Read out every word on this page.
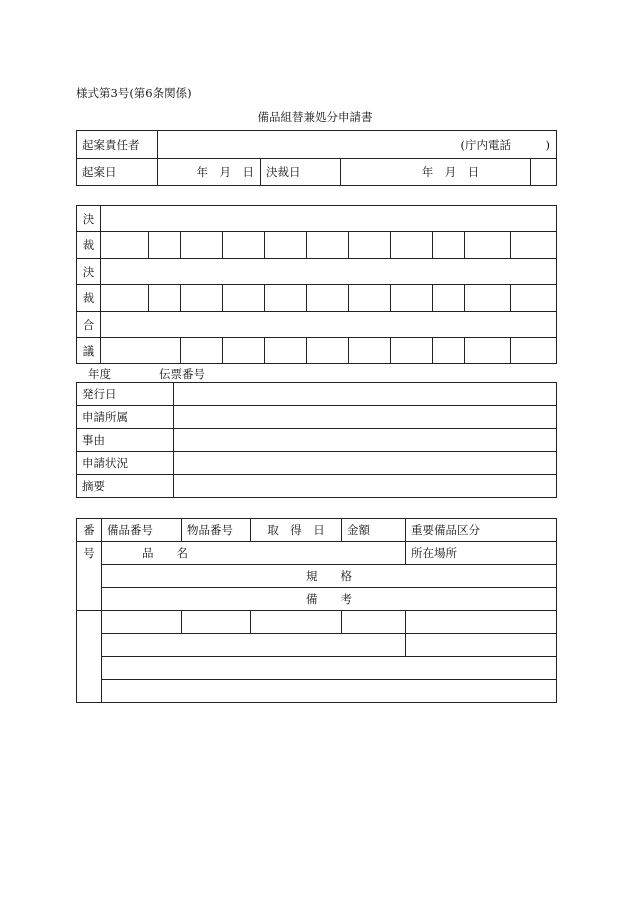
様式第3号(第6条関係)
備品組替兼処分申請書
起案責任者	(庁内電話　　　)			
起案日	年　月　日	決裁日	年　月　日	
決											
裁											
決											
裁											
合											
議											
年度	伝票番号
発行日	
申請所属	
事由	
申請状況	
摘要	
番	備品番号	物品番号	取　得　日	金額	重要備品区分
号	品　　名				所在場所
	規　　格				
	備　　考				
